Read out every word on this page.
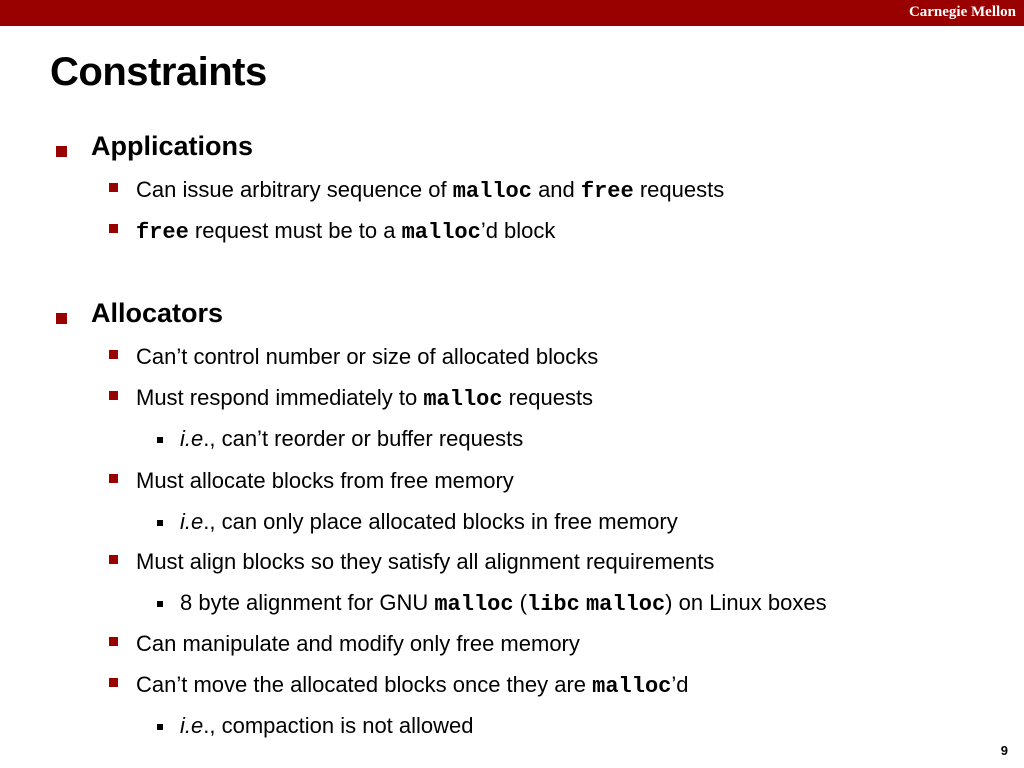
Carnegie Mellon
Constraints
Applications
Can issue arbitrary sequence of malloc and free requests
free request must be to a malloc’d block
Allocators
Can’t control number or size of allocated blocks
Must respond immediately to malloc requests
i.e., can’t reorder or buffer requests
Must allocate blocks from free memory
i.e., can only place allocated blocks in free memory
Must align blocks so they satisfy all alignment requirements
8 byte alignment for GNU malloc (libc malloc) on Linux boxes
Can manipulate and modify only free memory
Can’t move the allocated blocks once they are malloc’d
i.e., compaction is not allowed
9
